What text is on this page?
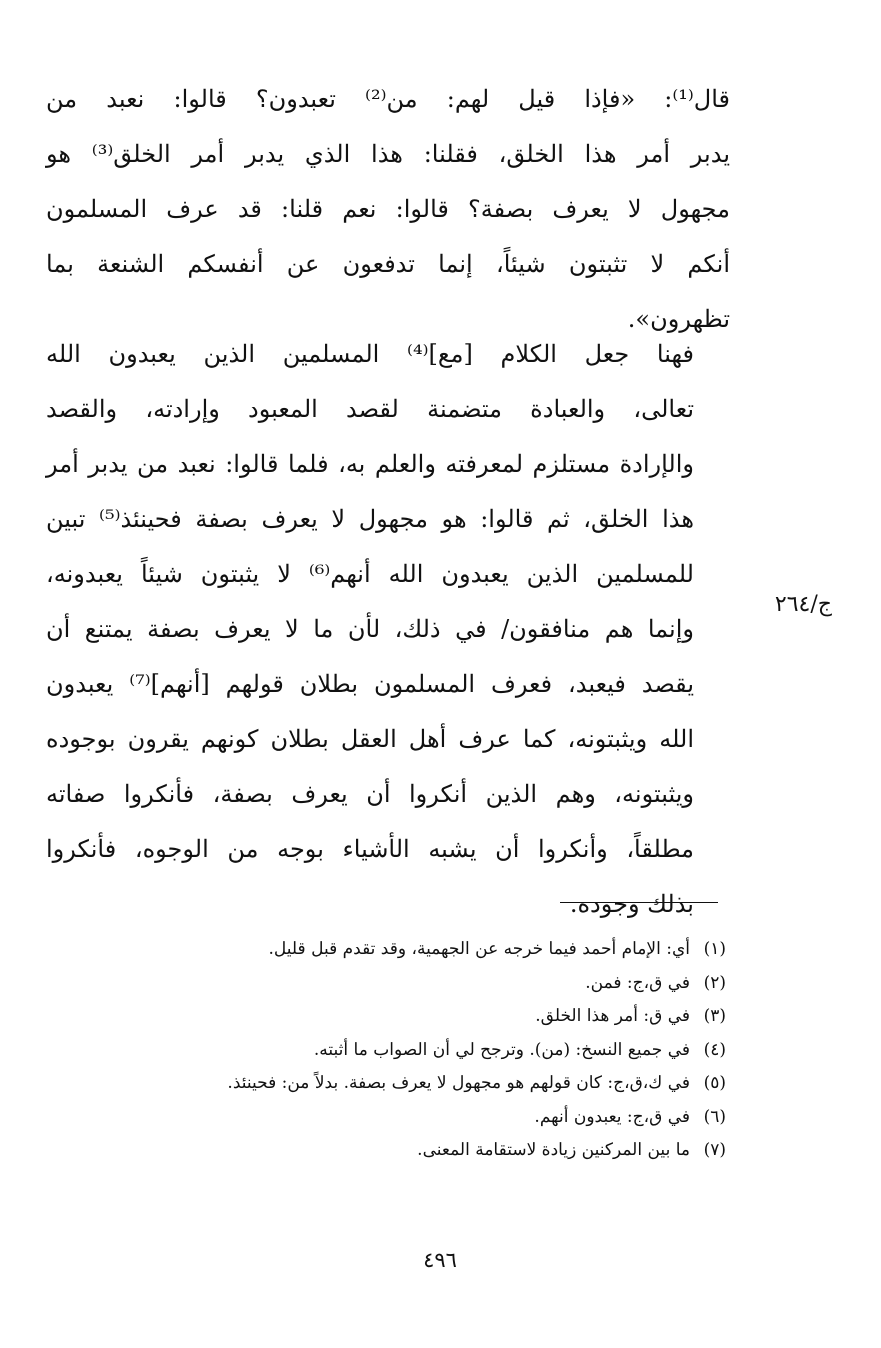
قال⁽¹⁾: «فإذا قيل لهم: من⁽²⁾ تعبدون؟ قالوا: نعبد من
يدبر أمر هذا الخلق، فقلنا: هذا الذي يدبر أمر الخلق⁽³⁾ هو
مجهول لا يعرف بصفة؟ قالوا: نعم قلنا: قد عرف المسلمون
أنكم لا تثبتون شيئاً، إنما تدفعون عن أنفسكم الشنعة بما
تظهرون».
فهنا جعل الكلام [مع]⁽⁴⁾ المسلمين الذين يعبدون الله
تعالى، والعبادة متضمنة لقصد المعبود وإرادته، والقصد
والإرادة مستلزم لمعرفته والعلم به، فلما قالوا: نعبد من يدبر أمر
هذا الخلق، ثم قالوا: هو مجهول لا يعرف بصفة فحينئذ⁽⁵⁾ تبين
للمسلمين الذين يعبدون الله أنهم⁽⁶⁾ لا يثبتون شيئاً يعبدونه،
وإنما هم منافقون/ في ذلك، لأن ما لا يعرف بصفة يمتنع أن
يقصد فيعبد، فعرف المسلمون بطلان قولهم [أنهم]⁽⁷⁾ يعبدون
الله ويثبتونه، كما عرف أهل العقل بطلان كونهم يقرون بوجوده
ويثبتونه، وهم الذين أنكروا أن يعرف بصفة، فأنكروا صفاته
مطلقاً، وأنكروا أن يشبه الأشياء بوجه من الوجوه، فأنكروا
بذلك وجوده.
ج/٢٦٤
(١)أي: الإمام أحمد فيما خرجه عن الجهمية، وقد تقدم قبل قليل.
(٢)في ق،ج: فمن.
(٣)في ق: أمر هذا الخلق.
(٤)في جميع النسخ: (من). وترجح لي أن الصواب ما أثبته.
(٥)في ك،ق،ج: كان قولهم هو مجهول لا يعرف بصفة. بدلاً من: فحينئذ.
(٦)في ق،ج: يعبدون أنهم.
(٧)ما بين المركنين زيادة لاستقامة المعنى.
٤٩٦
